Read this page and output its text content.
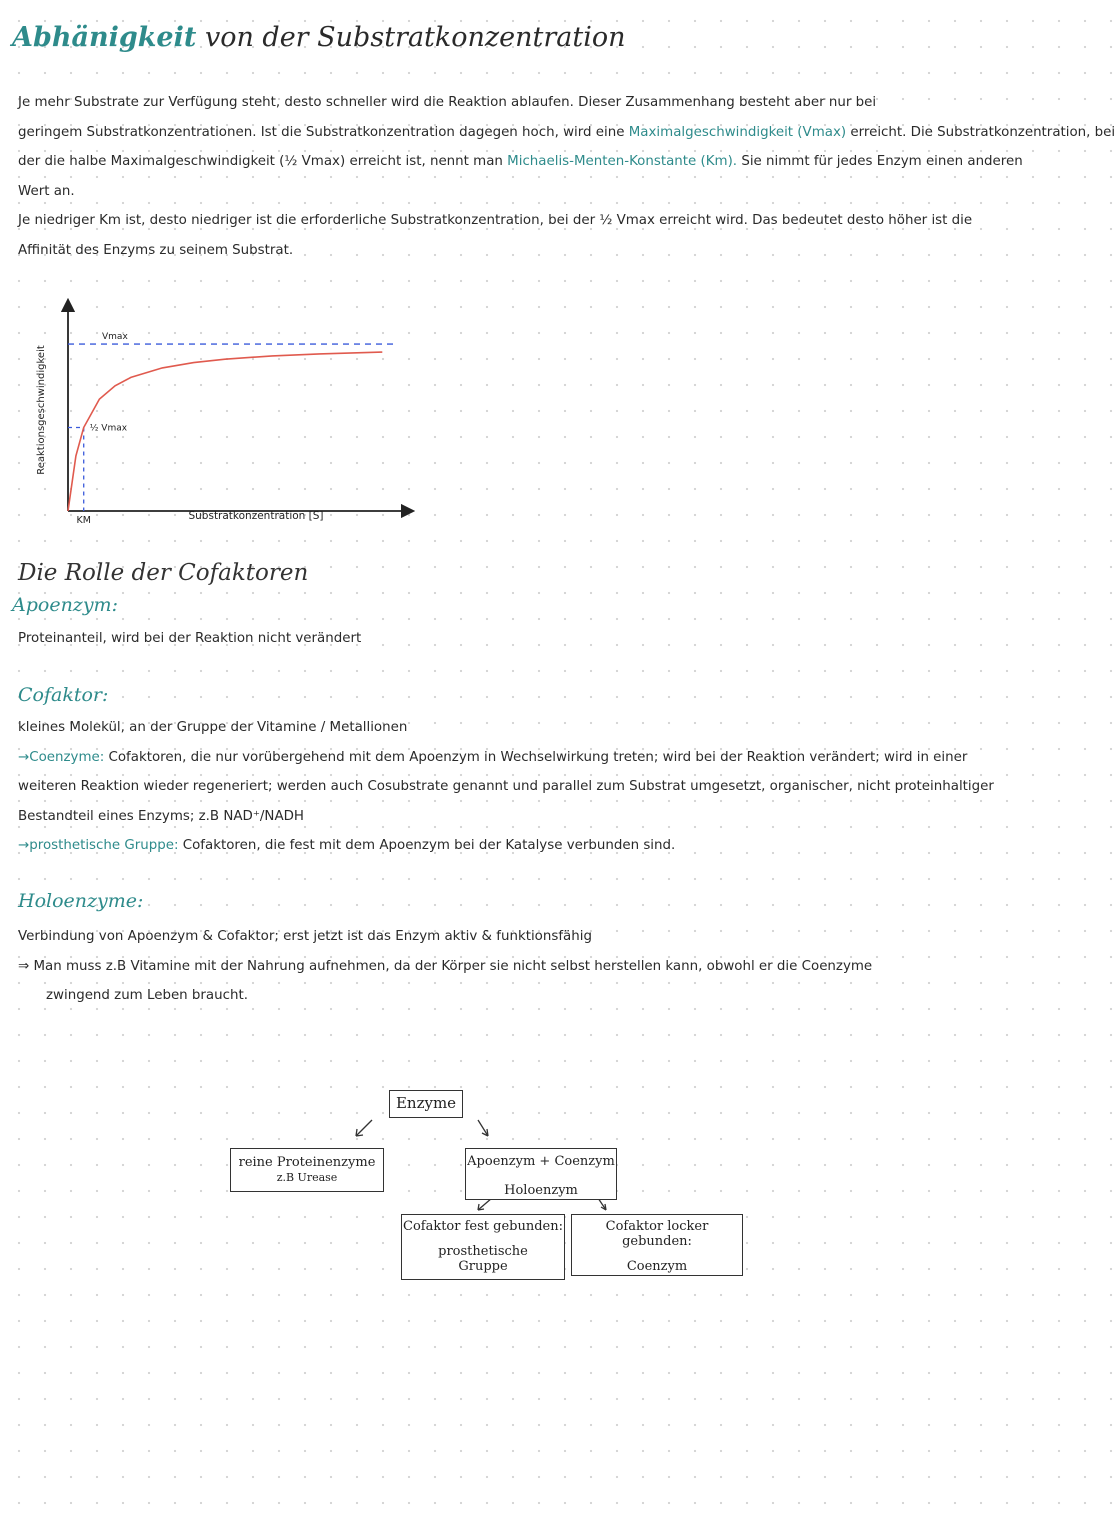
Abhänigkeit von der Substratkonzentration
Je mehr Substrate zur Verfügung steht, desto schneller wird die Reaktion ablaufen. Dieser Zusammenhang besteht aber nur bei
geringem Substratkonzentrationen. Ist die Substratkonzentration dagegen hoch, wird eine Maximalgeschwindigkeit (Vmax) erreicht. Die Substratkonzentration, bei
der die halbe Maximalgeschwindigkeit (½ Vmax) erreicht ist, nennt man Michaelis-Menten-Konstante (Km). Sie nimmt für jedes Enzym einen anderen
Wert an.
Je niedriger Km ist, desto niedriger ist die erforderliche Substratkonzentration, bei der ½ Vmax erreicht wird. Das bedeutet desto höher ist die
Affinität des Enzyms zu seinem Substrat.
Reaktionsgeschwindigkeit
Substratkonzentration [S]
Vmax
½ Vmax
KM
Die Rolle der Cofaktoren
Apoenzym:
Proteinanteil, wird bei der Reaktion nicht verändert
Cofaktor:
kleines Molekül, an der Gruppe der Vitamine / Metallionen
→Coenzyme: Cofaktoren, die nur vorübergehend mit dem Apoenzym in Wechselwirkung treten; wird bei der Reaktion verändert; wird in einer
weiteren Reaktion wieder regeneriert; werden auch Cosubstrate genannt und parallel zum Substrat umgesetzt, organischer, nicht proteinhaltiger
Bestandteil eines Enzyms; z.B NAD⁺/NADH
→prosthetische Gruppe: Cofaktoren, die fest mit dem Apoenzym bei der Katalyse verbunden sind.
Holoenzyme:
Verbindung von Apoenzym & Cofaktor; erst jetzt ist das Enzym aktiv & funktionsfähig
⇒ Man muss z.B Vitamine mit der Nahrung aufnehmen, da der Körper sie nicht selbst herstellen kann, obwohl er die Coenzyme
zwingend zum Leben braucht.
Enzyme
reine Proteinenzyme
z.B Urease
Apoenzym + Coenzym
Holoenzym
Cofaktor fest gebunden:
prosthetische
Gruppe
Cofaktor locker gebunden:
Coenzym
